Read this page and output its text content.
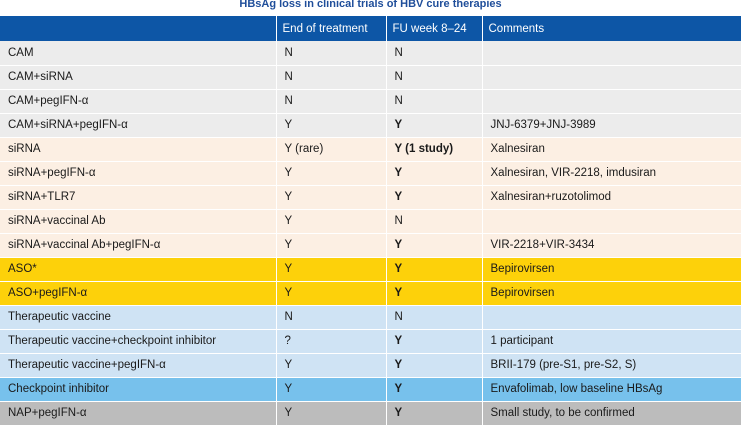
HBsAg loss in clinical trials of HBV cure therapies
	End of treatment	FU week 8–24	Comments
CAM	N	N	
CAM+siRNA	N	N	
CAM+pegIFN-α	N	N	
CAM+siRNA+pegIFN-α	Y	Y	JNJ-6379+JNJ-3989
siRNA	Y (rare)	Y (1 study)	Xalnesiran
siRNA+pegIFN-α	Y	Y	Xalnesiran, VIR-2218, imdusiran
siRNA+TLR7	Y	Y	Xalnesiran+ruzotolimod
siRNA+vaccinal Ab	Y	N	
siRNA+vaccinal Ab+pegIFN-α	Y	Y	VIR-2218+VIR-3434
ASO*	Y	Y	Bepirovirsen
ASO+pegIFN-α	Y	Y	Bepirovirsen
Therapeutic vaccine	N	N	
Therapeutic vaccine+checkpoint inhibitor	?	Y	1 participant
Therapeutic vaccine+pegIFN-α	Y	Y	BRII-179 (pre-S1, pre-S2, S)
Checkpoint inhibitor	Y	Y	Envafolimab, low baseline HBsAg
NAP+pegIFN-α	Y	Y	Small study, to be confirmed
